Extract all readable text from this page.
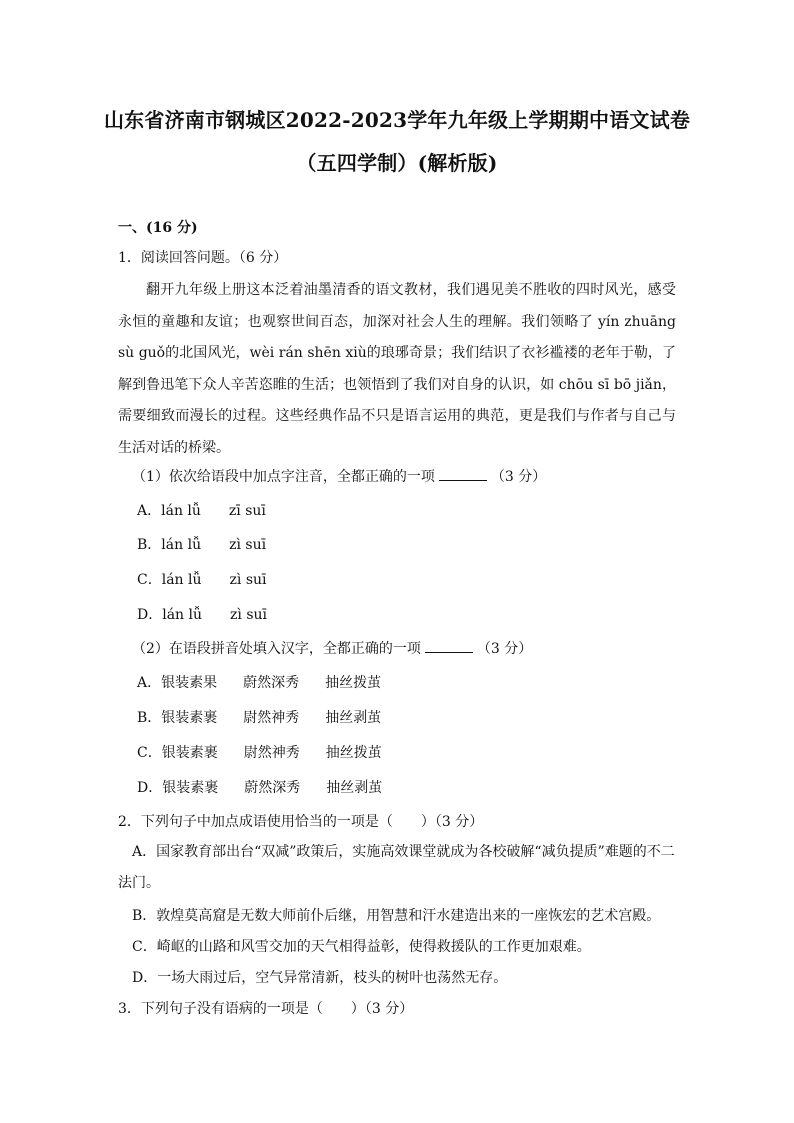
山东省济南市钢城区2022-2023学年九年级上学期期中语文试卷
（五四学制）(解析版)
一、(16 分)
1．阅读回答问题。（6 分）
翻开九年级上册这本泛着油墨清香的语文教材，我们遇见美不胜收的四时风光，感受永恒的童趣和友谊；也观察世间百态，加深对社会人生的理解。我们领略了 yín zhuāng sù guǒ的北国风光，wèi rán shēn xiù的琅琊奇景；我们结识了衣衫褴褛的老年于勒，了解到鲁迅笔下众人辛苦恣睢的生活；也领悟到了我们对自身的认识，如 chōu sī bō jiǎn，需要细致而漫长的过程。这些经典作品不只是语言运用的典范，更是我们与作者与自己与生活对话的桥梁。
（1）依次给语段中加点字注音，全都正确的一项	（3 分）
A．lán lǚ zī suī
B．lán lǚ zì suī
C．lán lǚ zì suī
D．lán lǚ zì suī
（2）在语段拼音处填入汉字，全都正确的一项	（3 分）
A．银装素果 蔚然深秀 抽丝拨茧
B．银装素裹 尉然神秀 抽丝剥茧
C．银装素裹 尉然神秀 抽丝拨茧
D．银装素裹 蔚然深秀 抽丝剥茧
2．下列句子中加点成语使用恰当的一项是（　　）（3 分）
A．国家教育部出台“双减”政策后，实施高效课堂就成为各校破解“减负提质”难题的不二法门。
B．敦煌莫高窟是无数大师前仆后继，用智慧和汗水建造出来的一座恢宏的艺术宫殿。
C．崎岖的山路和风雪交加的天气相得益彰，使得救援队的工作更加艰难。
D．一场大雨过后，空气异常清新，枝头的树叶也荡然无存。
3．下列句子没有语病的一项是（　　）（3 分）
